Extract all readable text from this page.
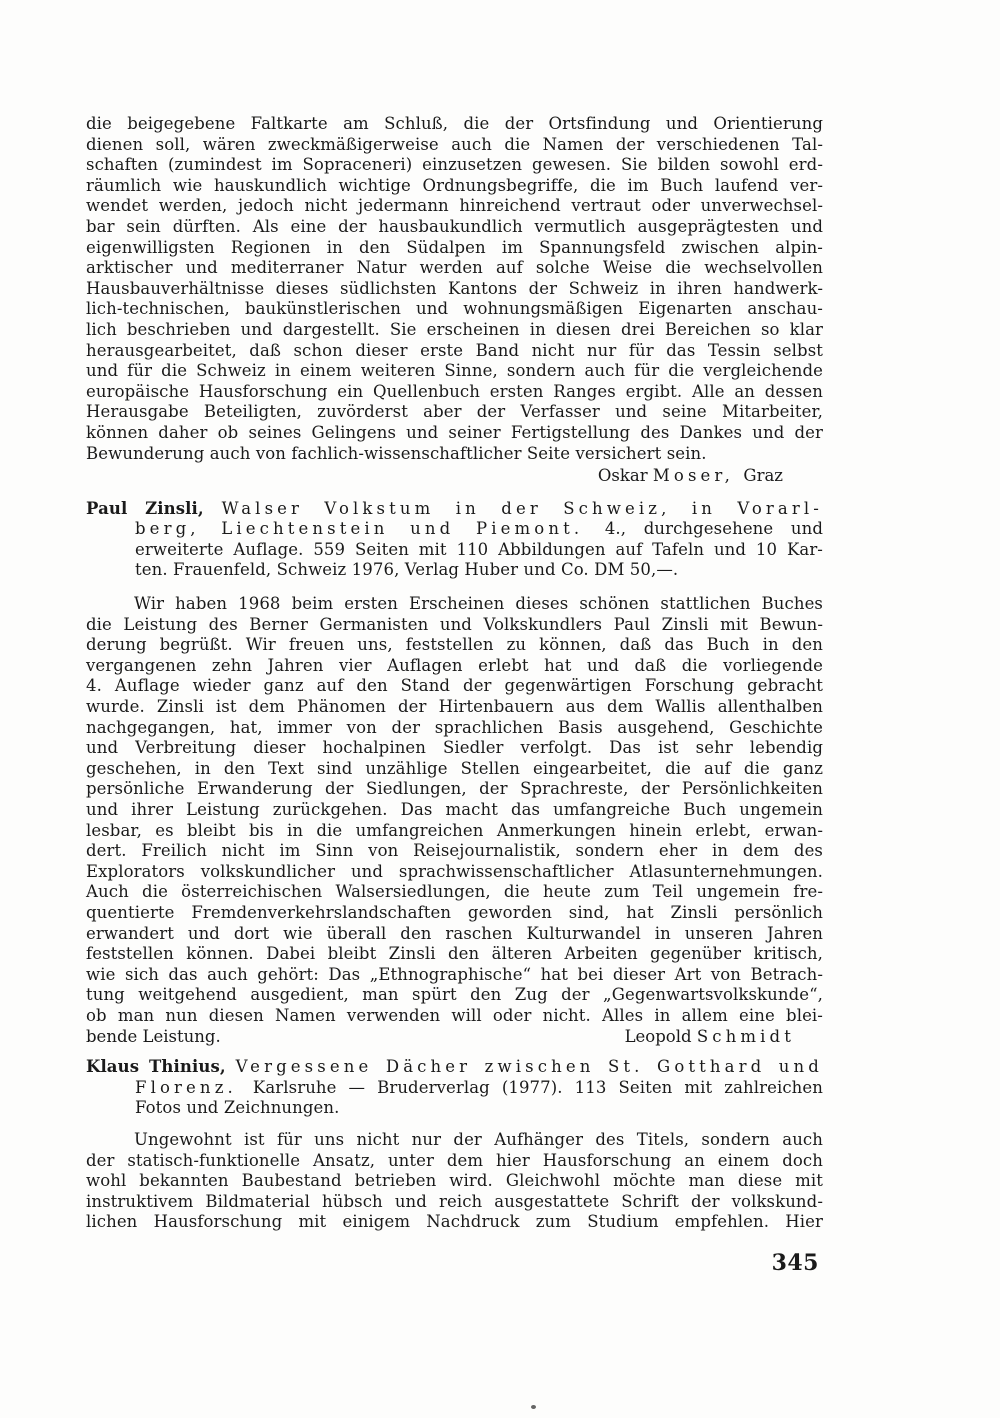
die beigegebene Faltkarte am Schluß, die der Ortsfindung und Orientierung
dienen soll, wären zweckmäßigerweise auch die Namen der verschiedenen Tal-
schaften (zumindest im Sopraceneri) einzusetzen gewesen. Sie bilden sowohl erd-
räumlich wie hauskundlich wichtige Ordnungsbegriffe, die im Buch laufend ver-
wendet werden, jedoch nicht jedermann hinreichend vertraut oder unverwechsel-
bar sein dürften. Als eine der hausbaukundlich vermutlich ausgeprägtesten und
eigenwilligsten Regionen in den Südalpen im Spannungsfeld zwischen alpin-
arktischer und mediterraner Natur werden auf solche Weise die wechselvollen
Hausbauverhältnisse dieses südlichsten Kantons der Schweiz in ihren handwerk-
lich-technischen, baukünstlerischen und wohnungsmäßigen Eigenarten anschau-
lich beschrieben und dargestellt. Sie erscheinen in diesen drei Bereichen so klar
herausgearbeitet, daß schon dieser erste Band nicht nur für das Tessin selbst
und für die Schweiz in einem weiteren Sinne, sondern auch für die vergleichende
europäische Hausforschung ein Quellenbuch ersten Ranges ergibt. Alle an dessen
Herausgabe Beteiligten, zuvörderst aber der Verfasser und seine Mitarbeiter,
können daher ob seines Gelingens und seiner Fertigstellung des Dankes und der
Bewunderung auch von fachlich-wissenschaftlicher Seite versichert sein.
Oskar Moser, Graz
Paul Zinsli, Walser Volkstum in der Schweiz, in Vorarl-
berg, Liechtenstein und Piemont. 4., durchgesehene und
erweiterte Auflage. 559 Seiten mit 110 Abbildungen auf Tafeln und 10 Kar-
ten. Frauenfeld, Schweiz 1976, Verlag Huber und Co. DM 50,—.
Wir haben 1968 beim ersten Erscheinen dieses schönen stattlichen Buches
die Leistung des Berner Germanisten und Volkskundlers Paul Zinsli mit Bewun-
derung begrüßt. Wir freuen uns, feststellen zu können, daß das Buch in den
vergangenen zehn Jahren vier Auflagen erlebt hat und daß die vorliegende
4. Auflage wieder ganz auf den Stand der gegenwärtigen Forschung gebracht
wurde. Zinsli ist dem Phänomen der Hirtenbauern aus dem Wallis allenthalben
nachgegangen, hat, immer von der sprachlichen Basis ausgehend, Geschichte
und Verbreitung dieser hochalpinen Siedler verfolgt. Das ist sehr lebendig
geschehen, in den Text sind unzählige Stellen eingearbeitet, die auf die ganz
persönliche Erwanderung der Siedlungen, der Sprachreste, der Persönlichkeiten
und ihrer Leistung zurückgehen. Das macht das umfangreiche Buch ungemein
lesbar, es bleibt bis in die umfangreichen Anmerkungen hinein erlebt, erwan-
dert. Freilich nicht im Sinn von Reisejournalistik, sondern eher in dem des
Explorators volkskundlicher und sprachwissenschaftlicher Atlasunternehmungen.
Auch die österreichischen Walsersiedlungen, die heute zum Teil ungemein fre-
quentierte Fremdenverkehrslandschaften geworden sind, hat Zinsli persönlich
erwandert und dort wie überall den raschen Kulturwandel in unseren Jahren
feststellen können. Dabei bleibt Zinsli den älteren Arbeiten gegenüber kritisch,
wie sich das auch gehört: Das „Ethnographische“ hat bei dieser Art von Betrach-
tung weitgehend ausgedient, man spürt den Zug der „Gegenwartsvolkskunde“,
ob man nun diesen Namen verwenden will oder nicht. Alles in allem eine blei-
bende Leistung.	Leopold Schmidt
Klaus Thinius, Vergessene Dächer zwischen St. Gotthard und
Florenz. Karlsruhe — Bruderverlag (1977). 113 Seiten mit zahlreichen
Fotos und Zeichnungen.
Ungewohnt ist für uns nicht nur der Aufhänger des Titels, sondern auch
der statisch-funktionelle Ansatz, unter dem hier Hausforschung an einem doch
wohl bekannten Baubestand betrieben wird. Gleichwohl möchte man diese mit
instruktivem Bildmaterial hübsch und reich ausgestattete Schrift der volkskund-
lichen Hausforschung mit einigem Nachdruck zum Studium empfehlen. Hier
345
